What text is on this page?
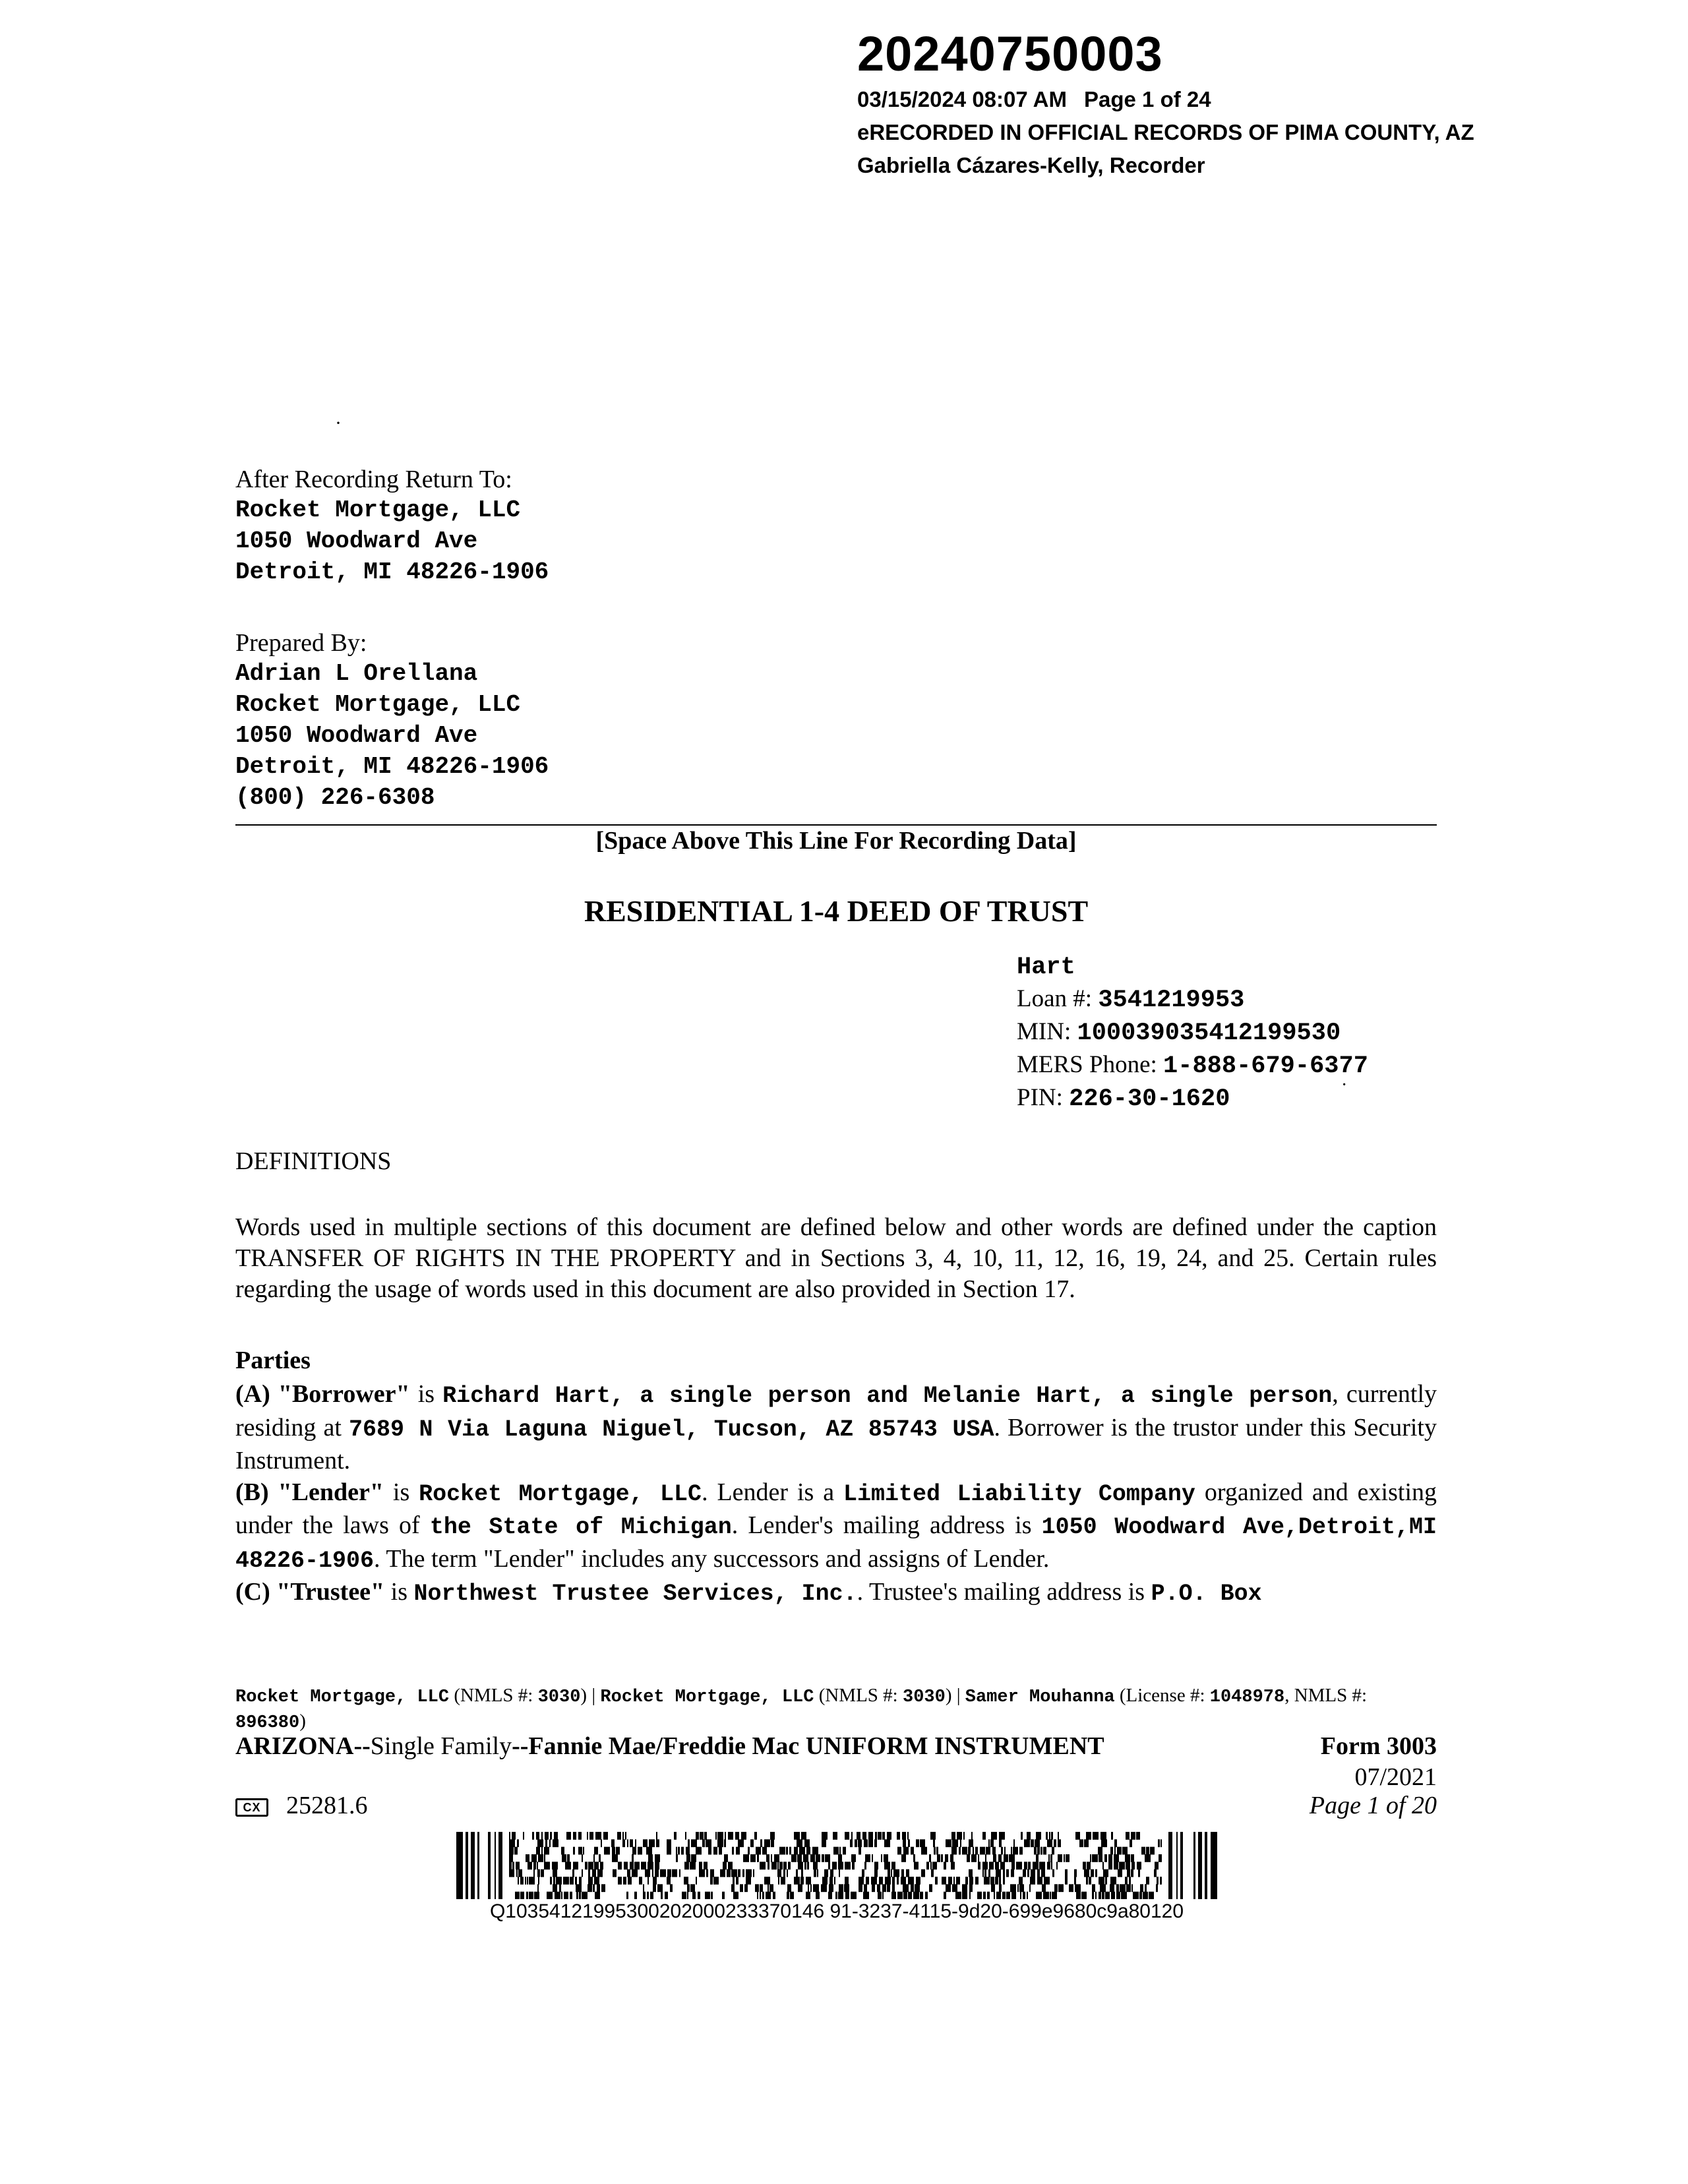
20240750003
03/15/2024 08:07 AM Page 1 of 24
eRECORDED IN OFFICIAL RECORDS OF PIMA COUNTY, AZ
Gabriella Cázares-Kelly, Recorder
·
After Recording Return To:
Rocket Mortgage, LLC
1050 Woodward Ave
Detroit, MI 48226-1906
Prepared By:
Adrian L Orellana
Rocket Mortgage, LLC
1050 Woodward Ave
Detroit, MI 48226-1906
(800) 226-6308
[Space Above This Line For Recording Data]
RESIDENTIAL 1-4 DEED OF TRUST
Hart
Loan #: 3541219953
MIN: 100039035412199530
MERS Phone: 1-888-679-6377
PIN: 226-30-1620
·
DEFINITIONS
Words used in multiple sections of this document are defined below and other words are defined under the caption TRANSFER OF RIGHTS IN THE PROPERTY and in Sections 3, 4, 10, 11, 12, 16, 19, 24, and 25. Certain rules regarding the usage of words used in this document are also provided in Section 17.
Parties

(A) "Borrower" is Richard Hart, a single person and Melanie Hart, a single person, currently residing at 7689 N Via Laguna Niguel, Tucson, AZ 85743 USA. Borrower is the trustor under this Security Instrument.

(B) "Lender" is Rocket Mortgage, LLC. Lender is a Limited Liability Company organized and existing under the laws of the State of Michigan. Lender's mailing address is 1050 Woodward Ave,Detroit,MI 48226-1906. The term "Lender" includes any successors and assigns of Lender.

(C) "Trustee" is Northwest Trustee Services, Inc.. Trustee's mailing address is P.O. Box

Rocket Mortgage, LLC (NMLS #: 3030) | Rocket Mortgage, LLC (NMLS #: 3030) | Samer Mouhanna (License #: 1048978, NMLS #: 896380)
ARIZONA--Single Family--Fannie Mae/Freddie Mac UNIFORM INSTRUMENT	Form 3003
07/2021
Page 1 of 20
CX	25281.6
Q10354121995300202000233370146 91-3237-4115-9d20-699e9680c9a80120
